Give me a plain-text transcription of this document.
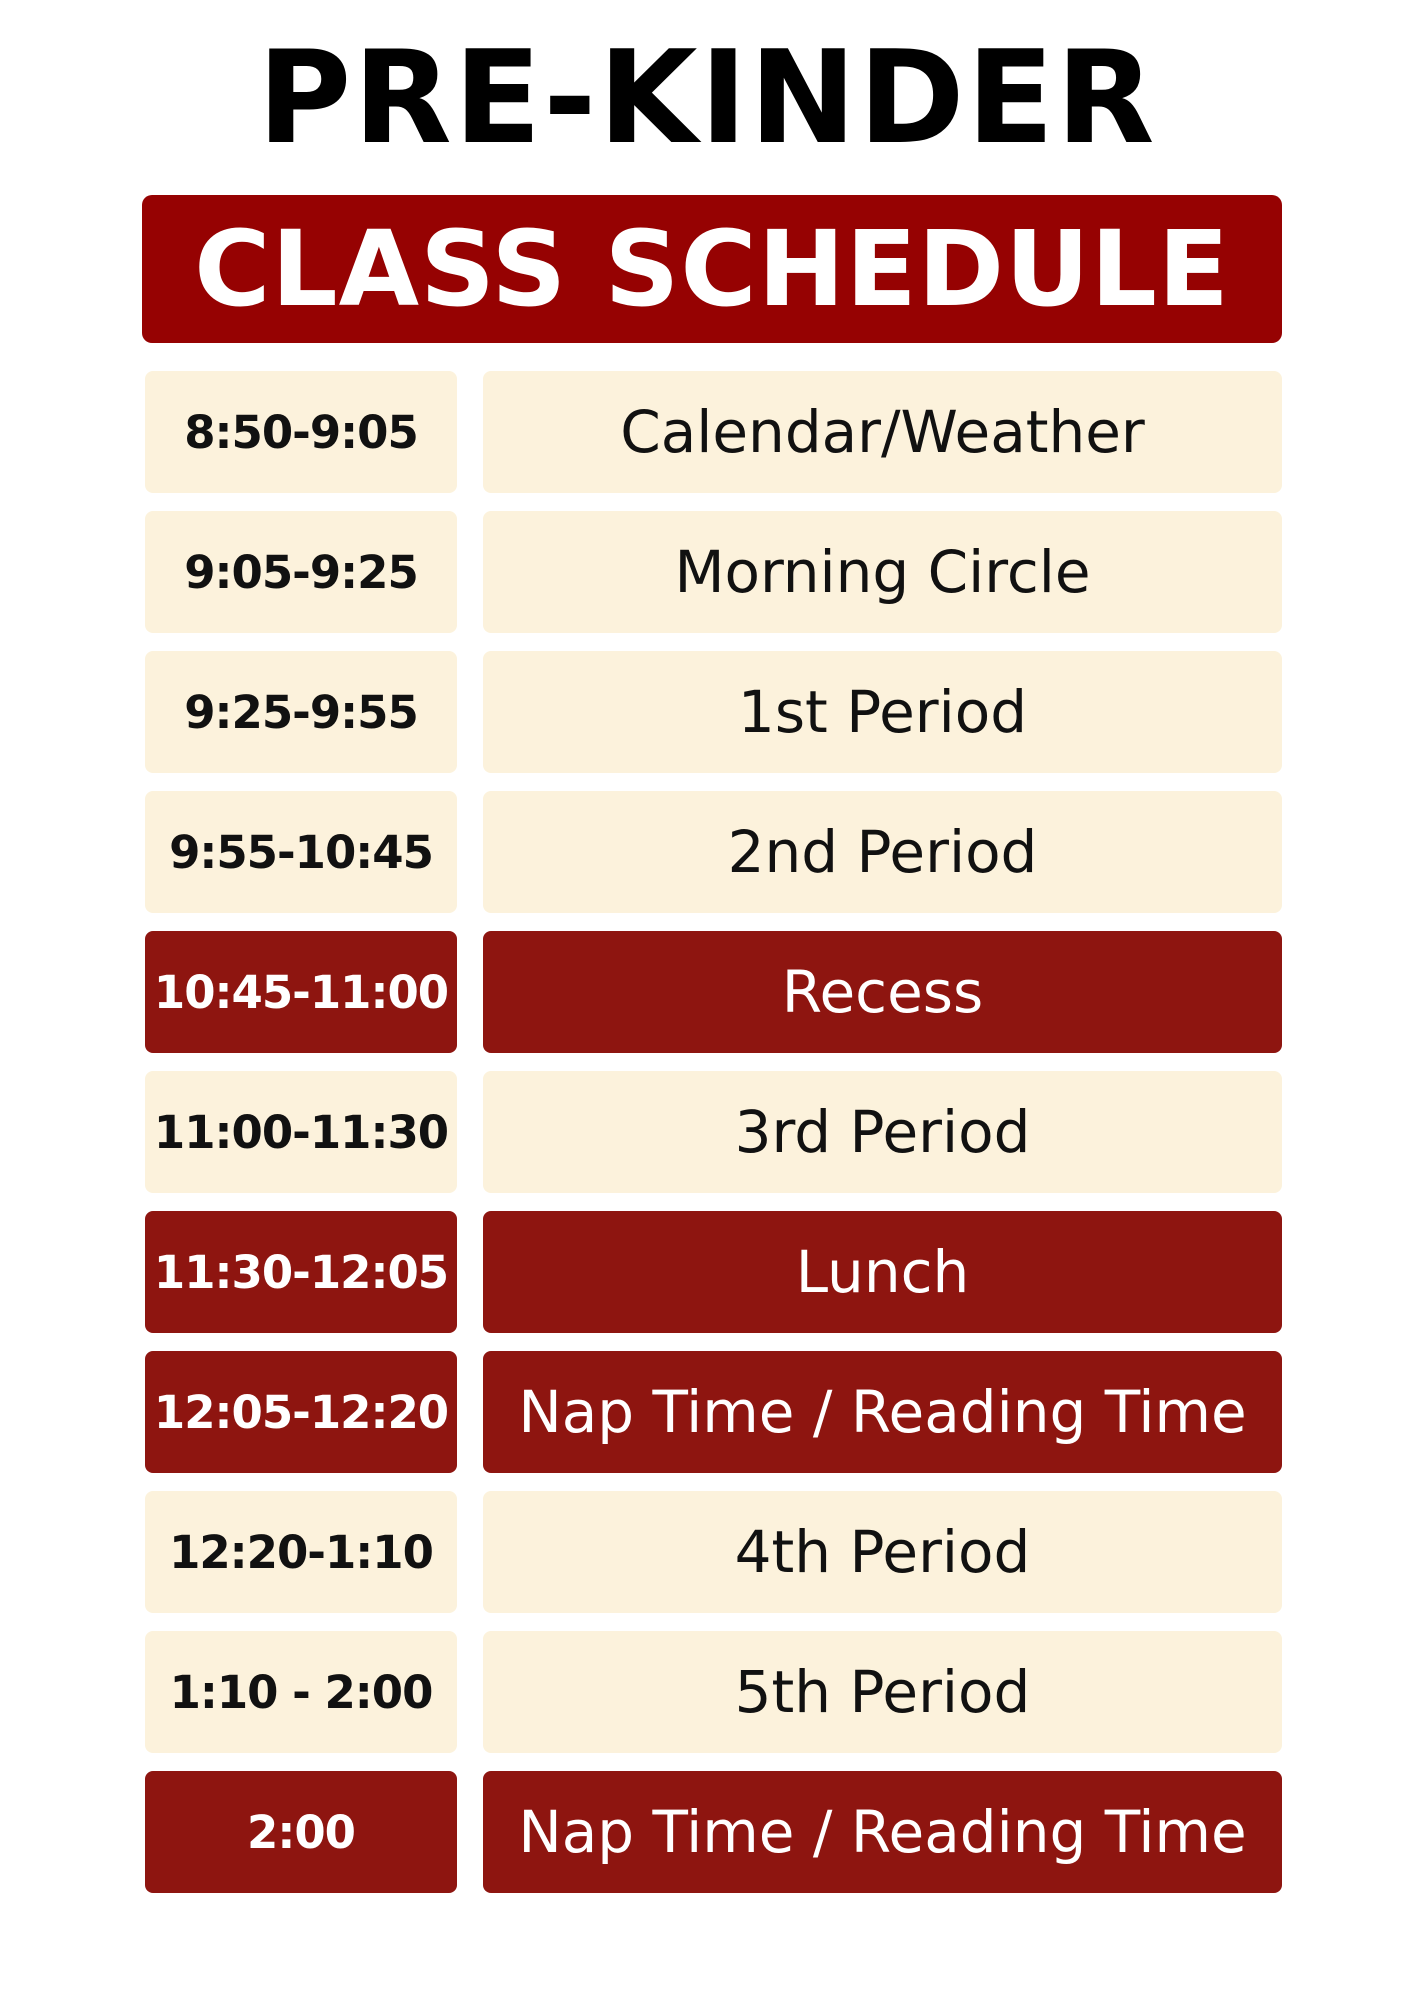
PRE-KINDER
CLASS SCHEDULE
8:50-9:05	Calendar/Weather
9:05-9:25	Morning Circle
9:25-9:55	1st Period
9:55-10:45	2nd Period
10:45-11:00	Recess
11:00-11:30	3rd Period
11:30-12:05	Lunch
12:05-12:20	Nap Time / Reading Time
12:20-1:10	4th Period
1:10 - 2:00	5th Period
2:00	Nap Time / Reading Time
